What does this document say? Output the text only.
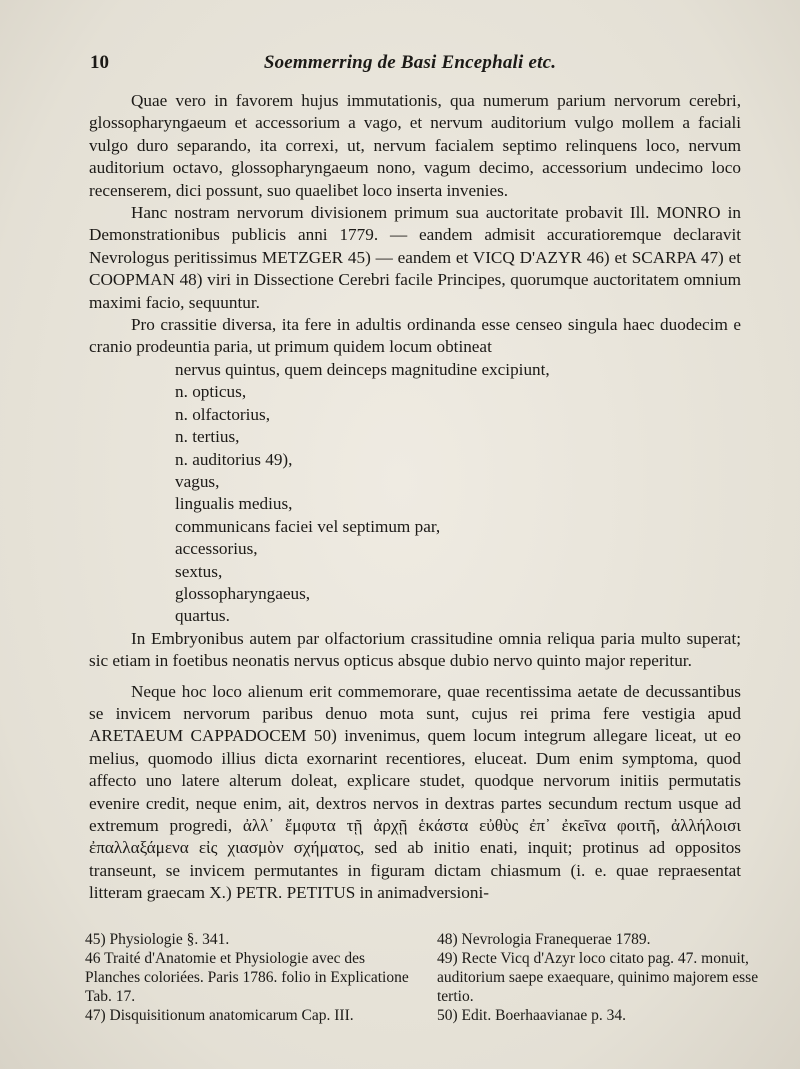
10	Soemmerring de Basi Encephali etc.

Quae vero in favorem hujus immutationis, qua numerum parium nervorum cerebri, glossopharyngaeum et accessorium a vago, et nervum auditorium vulgo mollem a faciali vulgo duro separando, ita correxi, ut, nervum facialem septimo relinquens loco, nervum auditorium octavo, glossopharyngaeum nono, vagum decimo, accessorium undecimo loco recenserem, dici possunt, suo quaelibet loco inserta invenies.

Hanc nostram nervorum divisionem primum sua auctoritate probavit Ill. MONRO in Demonstrationibus publicis anni 1779. — eandem admisit accuratioremque declaravit Nevrologus peritissimus METZGER 45) — eandem et VICQ D'AZYR 46) et SCARPA 47) et COOPMAN 48) viri in Dissectione Cerebri facile Principes, quorumque auctoritatem omnium maximi facio, sequuntur.

Pro crassitie diversa, ita fere in adultis ordinanda esse censeo singula haec duodecim e cranio prodeuntia paria, ut primum quidem locum obtineat

nervus quintus, quem deinceps magnitudine excipiunt,
n. opticus,
n. olfactorius,
n. tertius,
n. auditorius 49),
vagus,
lingualis medius,
communicans faciei vel septimum par,
accessorius,
sextus,
glossopharyngaeus,
quartus.

In Embryonibus autem par olfactorium crassitudine omnia reliqua paria multo superat; sic etiam in foetibus neonatis nervus opticus absque dubio nervo quinto major reperitur.

Neque hoc loco alienum erit commemorare, quae recentissima aetate de decussantibus se invicem nervorum paribus denuo mota sunt, cujus rei prima fere vestigia apud ARETAEUM CAPPADOCEM 50) invenimus, quem locum integrum allegare liceat, ut eo melius, quomodo illius dicta exornarint recentiores, eluceat. Dum enim symptoma, quod affecto uno latere alterum doleat, explicare studet, quodque nervorum initiis permutatis evenire credit, neque enim, ait, dextros nervos in dextras partes secundum rectum usque ad extremum progredi, ἀλλ᾽ ἔμφυτα τῇ ἀρχῇ ἑκάστα εὐθὺς ἐπ᾽ ἐκεῖνα φοιτῆ, ἀλλήλοισι ἐπαλλαξάμενα εἰς χιασμὸν σχήματος, sed ab initio enati, inquit; protinus ad oppositos transeunt, se invicem permutantes in figuram dictam chiasmum (i. e. quae repraesentat litteram graecam X.) PETR. PETITUS in animadversioni-

45) Physiologie §. 341.

46 Traité d'Anatomie et Physiologie avec des Planches coloriées. Paris 1786. folio in Explicatione Tab. 17.

47) Disquisitionum anatomicarum Cap. III.

48) Nevrologia Franequerae 1789.

49) Recte Vicq d'Azyr loco citato pag. 47. monuit, auditorium saepe exaequare, quinimo majorem esse tertio.

50) Edit. Boerhaavianae p. 34.
